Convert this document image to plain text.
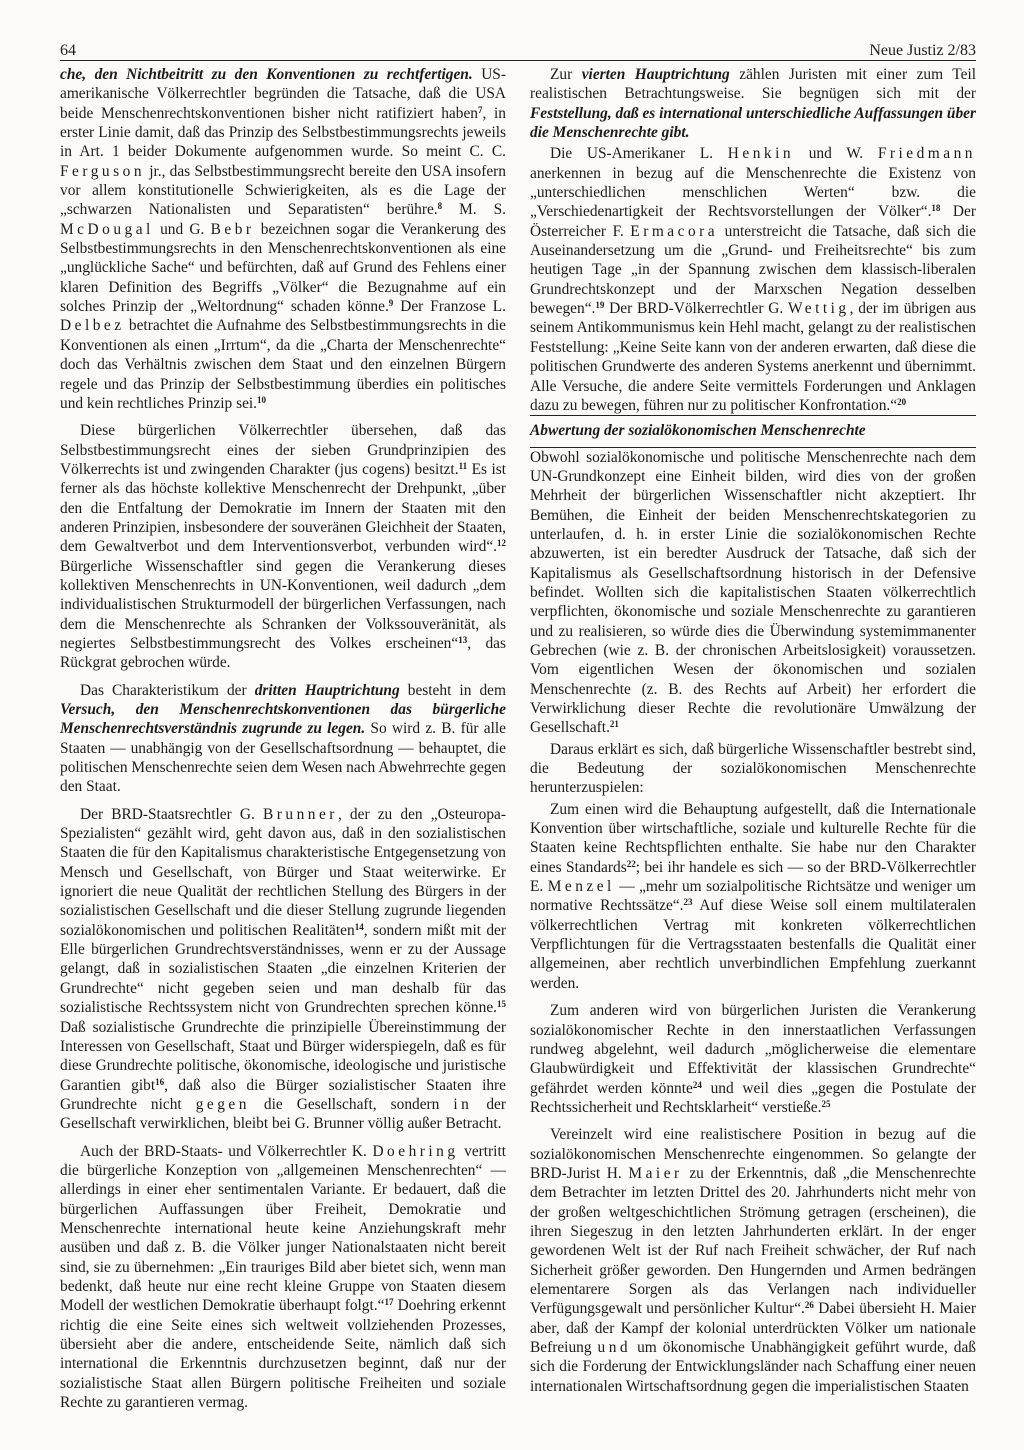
64	Neue Justiz 2/83

che, den Nichtbeitritt zu den Konventionen zu rechtfertigen. US-amerikanische Völkerrechtler begründen die Tatsache, daß die USA beide Menschenrechtskonventionen bisher nicht ratifiziert haben$^7$, in erster Linie damit, daß das Prinzip des Selbstbestimmungsrechts jeweils in Art. 1 beider Dokumente aufgenommen wurde. So meint C. C. Ferguson jr., das Selbstbestimmungsrecht bereite den USA insofern vor allem konstitutionelle Schwierigkeiten, als es die Lage der „schwarzen Nationalisten und Separatisten“ berühre.$^8$ M. S. McDougal und G. Bebr bezeichnen sogar die Verankerung des Selbstbestimmungsrechts in den Menschenrechtskonventionen als eine „unglückliche Sache“ und befürchten, daß auf Grund des Fehlens einer klaren Definition des Begriffs „Völker“ die Bezugnahme auf ein solches Prinzip der „Weltordnung“ schaden könne.$^9$ Der Franzose L. Delbez betrachtet die Aufnahme des Selbstbestimmungsrechts in die Konventionen als einen „Irrtum“, da die „Charta der Menschenrechte“ doch das Verhältnis zwischen dem Staat und den einzelnen Bürgern regele und das Prinzip der Selbstbestimmung überdies ein politisches und kein rechtliches Prinzip sei.$^{10}$

Diese bürgerlichen Völkerrechtler übersehen, daß das Selbstbestimmungsrecht eines der sieben Grundprinzipien des Völkerrechts ist und zwingenden Charakter (jus cogens) besitzt.$^{11}$ Es ist ferner als das höchste kollektive Menschenrecht der Drehpunkt, „über den die Entfaltung der Demokratie im Innern der Staaten mit den anderen Prinzipien, insbesondere der souveränen Gleichheit der Staaten, dem Gewaltverbot und dem Interventionsverbot, verbunden wird“.$^{12}$ Bürgerliche Wissenschaftler sind gegen die Verankerung dieses kollektiven Menschenrechts in UN-Konventionen, weil dadurch „dem individualistischen Strukturmodell der bürgerlichen Verfassungen, nach dem die Menschenrechte als Schranken der Volkssouveränität, als negiertes Selbstbestimmungsrecht des Volkes erscheinen“$^{13}$, das Rückgrat gebrochen würde.

Das Charakteristikum der dritten Hauptrichtung besteht in dem Versuch, den Menschenrechtskonventionen das bürgerliche Menschenrechtsverständnis zugrunde zu legen. So wird z. B. für alle Staaten — unabhängig von der Gesellschaftsordnung — behauptet, die politischen Menschenrechte seien dem Wesen nach Abwehrrechte gegen den Staat.

Der BRD-Staatsrechtler G. Brunner, der zu den „Osteuropa-Spezialisten“ gezählt wird, geht davon aus, daß in den sozialistischen Staaten die für den Kapitalismus charakteristische Entgegensetzung von Mensch und Gesellschaft, von Bürger und Staat weiterwirke. Er ignoriert die neue Qualität der rechtlichen Stellung des Bürgers in der sozialistischen Gesellschaft und die dieser Stellung zugrunde liegenden sozialökonomischen und politischen Realitäten$^{14}$, sondern mißt mit der Elle bürgerlichen Grundrechtsverständnisses, wenn er zu der Aussage gelangt, daß in sozialistischen Staaten „die einzelnen Kriterien der Grundrechte“ nicht gegeben seien und man deshalb für das sozialistische Rechtssystem nicht von Grundrechten sprechen könne.$^{15}$ Daß sozialistische Grundrechte die prinzipielle Übereinstimmung der Interessen von Gesellschaft, Staat und Bürger widerspiegeln, daß es für diese Grundrechte politische, ökonomische, ideologische und juristische Garantien gibt$^{16}$, daß also die Bürger sozialistischer Staaten ihre Grundrechte nicht gegen die Gesellschaft, sondern in der Gesellschaft verwirklichen, bleibt bei G. Brunner völlig außer Betracht.

Auch der BRD-Staats- und Völkerrechtler K. Doehring vertritt die bürgerliche Konzeption von „allgemeinen Menschenrechten“ — allerdings in einer eher sentimentalen Variante. Er bedauert, daß die bürgerlichen Auffassungen über Freiheit, Demokratie und Menschenrechte international heute keine Anziehungskraft mehr ausüben und daß z. B. die Völker junger Nationalstaaten nicht bereit sind, sie zu übernehmen: „Ein trauriges Bild aber bietet sich, wenn man bedenkt, daß heute nur eine recht kleine Gruppe von Staaten diesem Modell der westlichen Demokratie überhaupt folgt.“$^{17}$ Doehring erkennt richtig die eine Seite eines sich weltweit vollziehenden Prozesses, übersieht aber die andere, entscheidende Seite, nämlich daß sich international die Erkenntnis durchzusetzen beginnt, daß nur der sozialistische Staat allen Bürgern politische Freiheiten und soziale Rechte zu garantieren vermag.

Zur vierten Hauptrichtung zählen Juristen mit einer zum Teil realistischen Betrachtungsweise. Sie begnügen sich mit der Feststellung, daß es international unterschiedliche Auffassungen über die Menschenrechte gibt.

Die US-Amerikaner L. Henkin und W. Friedmann anerkennen in bezug auf die Menschenrechte die Existenz von „unterschiedlichen menschlichen Werten“ bzw. die „Verschiedenartigkeit der Rechtsvorstellungen der Völker“.$^{18}$ Der Österreicher F. Ermacora unterstreicht die Tatsache, daß sich die Auseinandersetzung um die „Grund- und Freiheitsrechte“ bis zum heutigen Tage „in der Spannung zwischen dem klassisch-liberalen Grundrechtskonzept und der Marxschen Negation desselben bewegen“.$^{19}$ Der BRD-Völkerrechtler G. Wettig, der im übrigen aus seinem Antikommunismus kein Hehl macht, gelangt zu der realistischen Feststellung: „Keine Seite kann von der anderen erwarten, daß diese die politischen Grundwerte des anderen Systems anerkennt und übernimmt. Alle Versuche, die andere Seite vermittels Forderungen und Anklagen dazu zu bewegen, führen nur zu politischer Konfrontation.“$^{20}$

Abwertung der sozialökonomischen Menschenrechte

Obwohl sozialökonomische und politische Menschenrechte nach dem UN-Grundkonzept eine Einheit bilden, wird dies von der großen Mehrheit der bürgerlichen Wissenschaftler nicht akzeptiert. Ihr Bemühen, die Einheit der beiden Menschenrechtskategorien zu unterlaufen, d. h. in erster Linie die sozialökonomischen Rechte abzuwerten, ist ein beredter Ausdruck der Tatsache, daß sich der Kapitalismus als Gesellschaftsordnung historisch in der Defensive befindet. Wollten sich die kapitalistischen Staaten völkerrechtlich verpflichten, ökonomische und soziale Menschenrechte zu garantieren und zu realisieren, so würde dies die Überwindung systemimmanenter Gebrechen (wie z. B. der chronischen Arbeitslosigkeit) voraussetzen. Vom eigentlichen Wesen der ökonomischen und sozialen Menschenrechte (z. B. des Rechts auf Arbeit) her erfordert die Verwirklichung dieser Rechte die revolutionäre Umwälzung der Gesellschaft.$^{21}$

Daraus erklärt es sich, daß bürgerliche Wissenschaftler bestrebt sind, die Bedeutung der sozialökonomischen Menschenrechte herunterzuspielen:

Zum einen wird die Behauptung aufgestellt, daß die Internationale Konvention über wirtschaftliche, soziale und kulturelle Rechte für die Staaten keine Rechtspflichten enthalte. Sie habe nur den Charakter eines Standards$^{22}$; bei ihr handele es sich — so der BRD-Völkerrechtler E. Menzel — „mehr um sozialpolitische Richtsätze und weniger um normative Rechtssätze“.$^{23}$ Auf diese Weise soll einem multilateralen völkerrechtlichen Vertrag mit konkreten völkerrechtlichen Verpflichtungen für die Vertragsstaaten bestenfalls die Qualität einer allgemeinen, aber rechtlich unverbindlichen Empfehlung zuerkannt werden.

Zum anderen wird von bürgerlichen Juristen die Verankerung sozialökonomischer Rechte in den innerstaatlichen Verfassungen rundweg abgelehnt, weil dadurch „möglicherweise die elementare Glaubwürdigkeit und Effektivität der klassischen Grundrechte“ gefährdet werden könnte$^{24}$ und weil dies „gegen die Postulate der Rechtssicherheit und Rechtsklarheit“ verstieße.$^{25}$

Vereinzelt wird eine realistischere Position in bezug auf die sozialökonomischen Menschenrechte eingenommen. So gelangte der BRD-Jurist H. Maier zu der Erkenntnis, daß „die Menschenrechte dem Betrachter im letzten Drittel des 20. Jahrhunderts nicht mehr von der großen weltgeschichtlichen Strömung getragen (erscheinen), die ihren Siegeszug in den letzten Jahrhunderten erklärt. In der enger gewordenen Welt ist der Ruf nach Freiheit schwächer, der Ruf nach Sicherheit größer geworden. Den Hungernden und Armen bedrängen elementarere Sorgen als das Verlangen nach individueller Verfügungsgewalt und persönlicher Kultur“.$^{26}$ Dabei übersieht H. Maier aber, daß der Kampf der kolonial unterdrückten Völker um nationale Befreiung und um ökonomische Unabhängigkeit geführt wurde, daß sich die Forderung der Entwicklungsländer nach Schaffung einer neuen internationalen Wirtschaftsordnung gegen die imperialistischen Staaten
